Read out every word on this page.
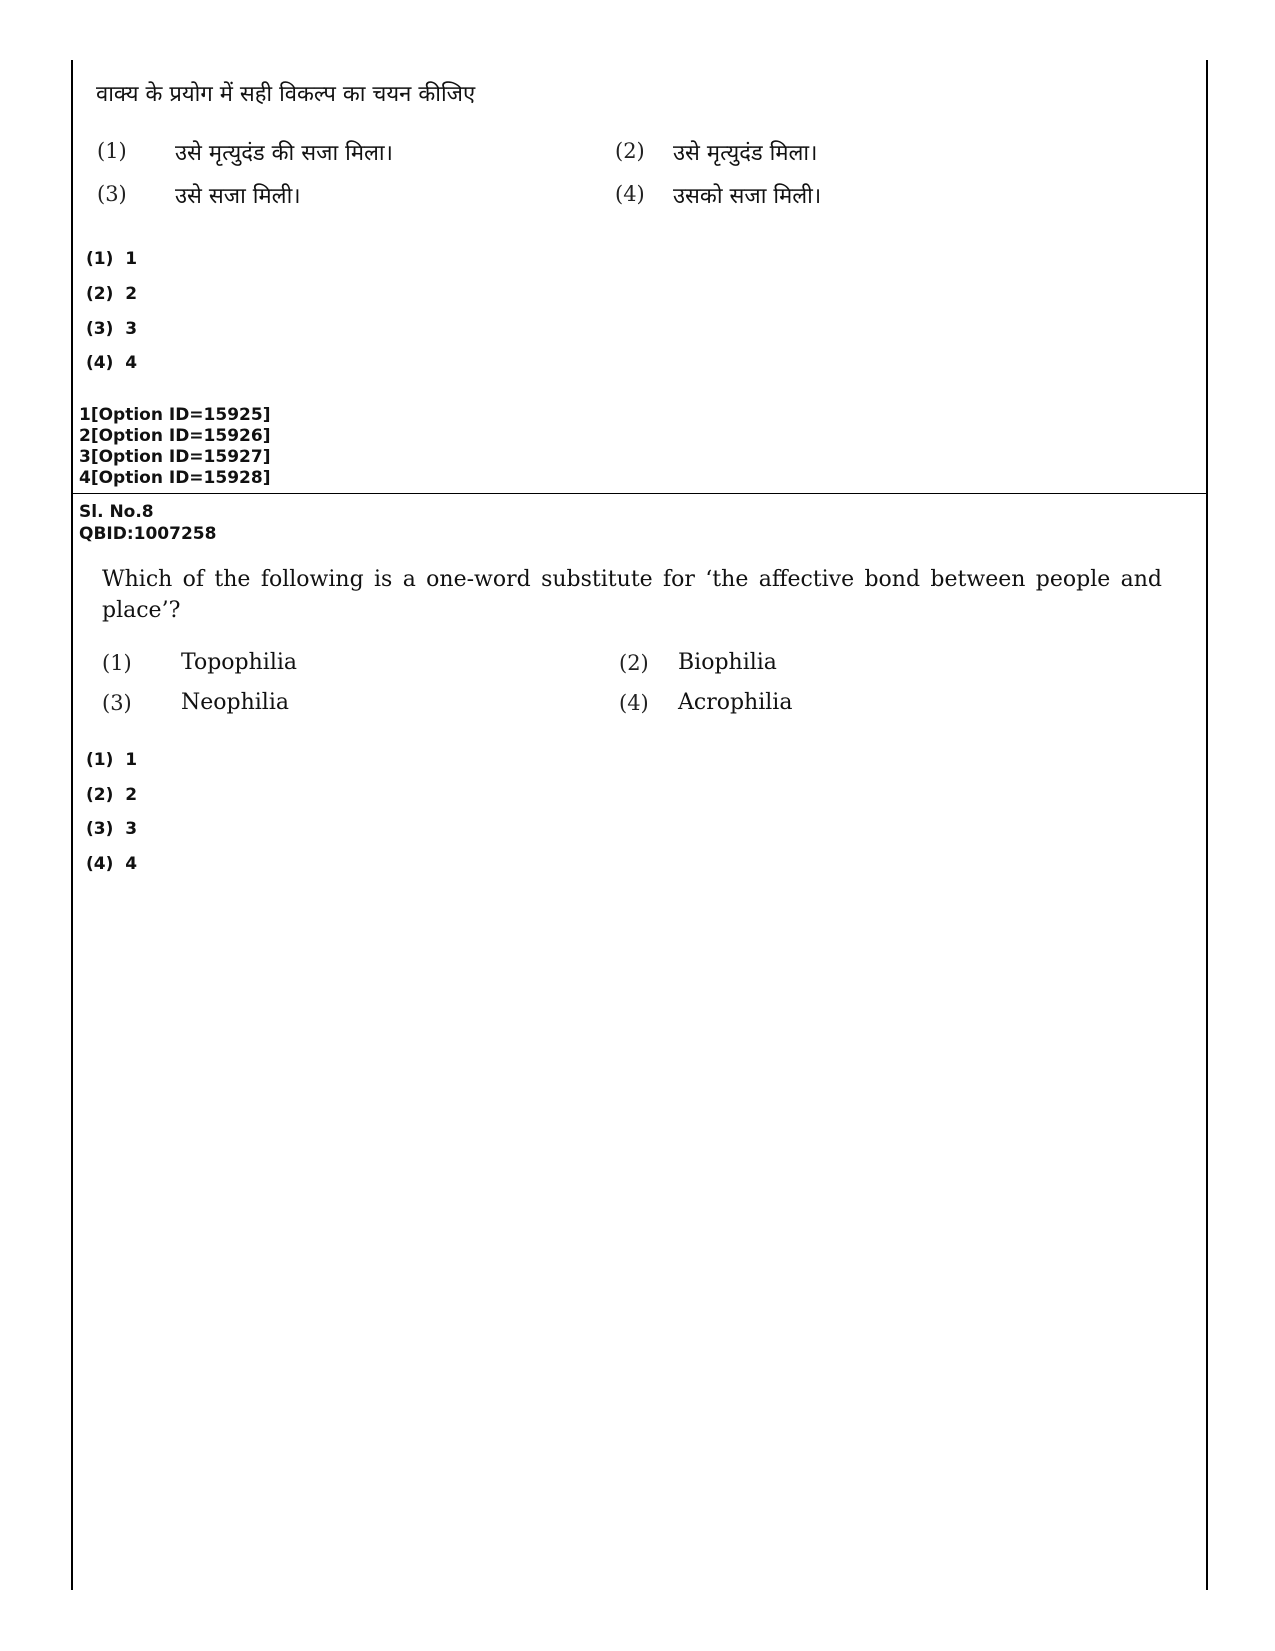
वाक्य के प्रयोग में सही विकल्प का चयन कीजिए
(1) उसे मृत्युदंड की सजा मिला।	(2) उसे मृत्युदंड मिला।
(3) उसे सजा मिली।	(4) उसको सजा मिली।
(1) 1
(2) 2
(3) 3
(4) 4
1[Option ID=15925]
2[Option ID=15926]
3[Option ID=15927]
4[Option ID=15928]
Sl. No.8
QBID:1007258
Which of the following is a one-word substitute for ‘the affective bond between people and place’?
(1) Topophilia	(2) Biophilia
(3) Neophilia	(4) Acrophilia
(1) 1
(2) 2
(3) 3
(4) 4
